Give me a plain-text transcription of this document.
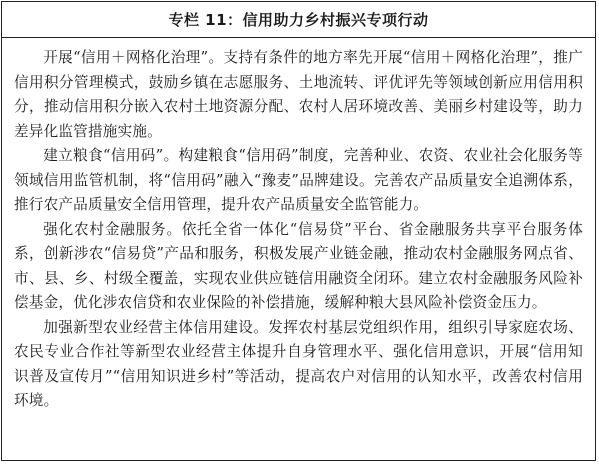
专栏 11：信用助力乡村振兴专项行动

开展“信用＋网格化治理”。支持有条件的地方率先开展“信用＋网格化治理”，推广信用积分管理模式，鼓励乡镇在志愿服务、土地流转、评优评先等领域创新应用信用积分，推动信用积分嵌入农村土地资源分配、农村人居环境改善、美丽乡村建设等，助力差异化监管措施实施。

建立粮食“信用码”。构建粮食“信用码”制度，完善种业、农资、农业社会化服务等领域信用监管机制，将“信用码”融入“豫麦”品牌建设。完善农产品质量安全追溯体系，推行农产品质量安全信用管理，提升农产品质量安全监管能力。

强化农村金融服务。依托全省一体化“信易贷”平台、省金融服务共享平台服务体系，创新涉农“信易贷”产品和服务，积极发展产业链金融，推动农村金融服务网点省、市、县、乡、村级全覆盖，实现农业供应链信用融资全闭环。建立农村金融服务风险补偿基金，优化涉农信贷和农业保险的补偿措施，缓解种粮大县风险补偿资金压力。

加强新型农业经营主体信用建设。发挥农村基层党组织作用，组织引导家庭农场、农民专业合作社等新型农业经营主体提升自身管理水平、强化信用意识，开展“信用知识普及宣传月”“信用知识进乡村”等活动，提高农户对信用的认知水平，改善农村信用环境。
